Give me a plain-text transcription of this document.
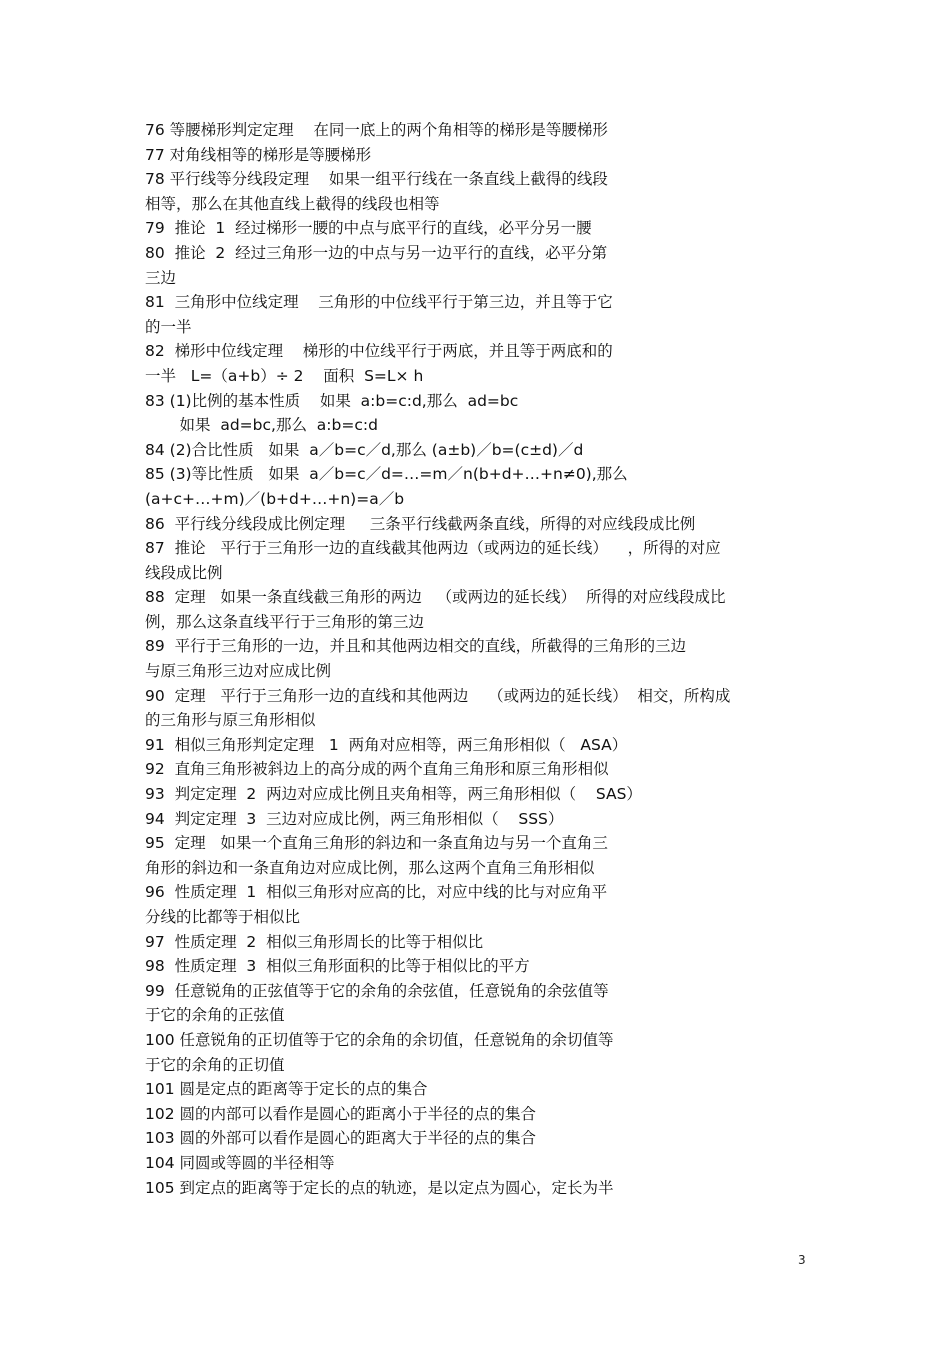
76 等腰梯形判定定理    在同一底上的两个角相等的梯形是等腰梯形
77 对角线相等的梯形是等腰梯形
78 平行线等分线段定理    如果一组平行线在一条直线上截得的线段
相等，那么在其他直线上截得的线段也相等
79  推论  1  经过梯形一腰的中点与底平行的直线，必平分另一腰
80  推论  2  经过三角形一边的中点与另一边平行的直线，必平分第
三边
81  三角形中位线定理    三角形的中位线平行于第三边，并且等于它
的一半
82  梯形中位线定理    梯形的中位线平行于两底，并且等于两底和的
一半   L=（a+b）÷ 2    面积  S=L× h
83 (1)比例的基本性质    如果  a:b=c:d,那么  ad=bc
如果  ad=bc,那么  a:b=c:d
84 (2)合比性质   如果  a／b=c／d,那么 (a±b)／b=(c±d)／d
85 (3)等比性质   如果  a／b=c／d=…=m／n(b+d+…+n≠0),那么
(a+c+…+m)／(b+d+…+n)=a／b
86  平行线分线段成比例定理     三条平行线截两条直线，所得的对应线段成比例
87  推论   平行于三角形一边的直线截其他两边（或两边的延长线）    ，所得的对应
线段成比例
88  定理   如果一条直线截三角形的两边   （或两边的延长线）  所得的对应线段成比
例，那么这条直线平行于三角形的第三边
89  平行于三角形的一边，并且和其他两边相交的直线，所截得的三角形的三边
与原三角形三边对应成比例
90  定理   平行于三角形一边的直线和其他两边    （或两边的延长线）  相交，所构成
的三角形与原三角形相似
91  相似三角形判定定理   1  两角对应相等，两三角形相似（   ASA）
92  直角三角形被斜边上的高分成的两个直角三角形和原三角形相似
93  判定定理  2  两边对应成比例且夹角相等，两三角形相似（    SAS）
94  判定定理  3  三边对应成比例，两三角形相似（    SSS）
95  定理   如果一个直角三角形的斜边和一条直角边与另一个直角三
角形的斜边和一条直角边对应成比例，那么这两个直角三角形相似
96  性质定理  1  相似三角形对应高的比，对应中线的比与对应角平
分线的比都等于相似比
97  性质定理  2  相似三角形周长的比等于相似比
98  性质定理  3  相似三角形面积的比等于相似比的平方
99  任意锐角的正弦值等于它的余角的余弦值，任意锐角的余弦值等
于它的余角的正弦值
100 任意锐角的正切值等于它的余角的余切值，任意锐角的余切值等
于它的余角的正切值
101 圆是定点的距离等于定长的点的集合
102 圆的内部可以看作是圆心的距离小于半径的点的集合
103 圆的外部可以看作是圆心的距离大于半径的点的集合
104 同圆或等圆的半径相等
105 到定点的距离等于定长的点的轨迹，是以定点为圆心，定长为半
3
